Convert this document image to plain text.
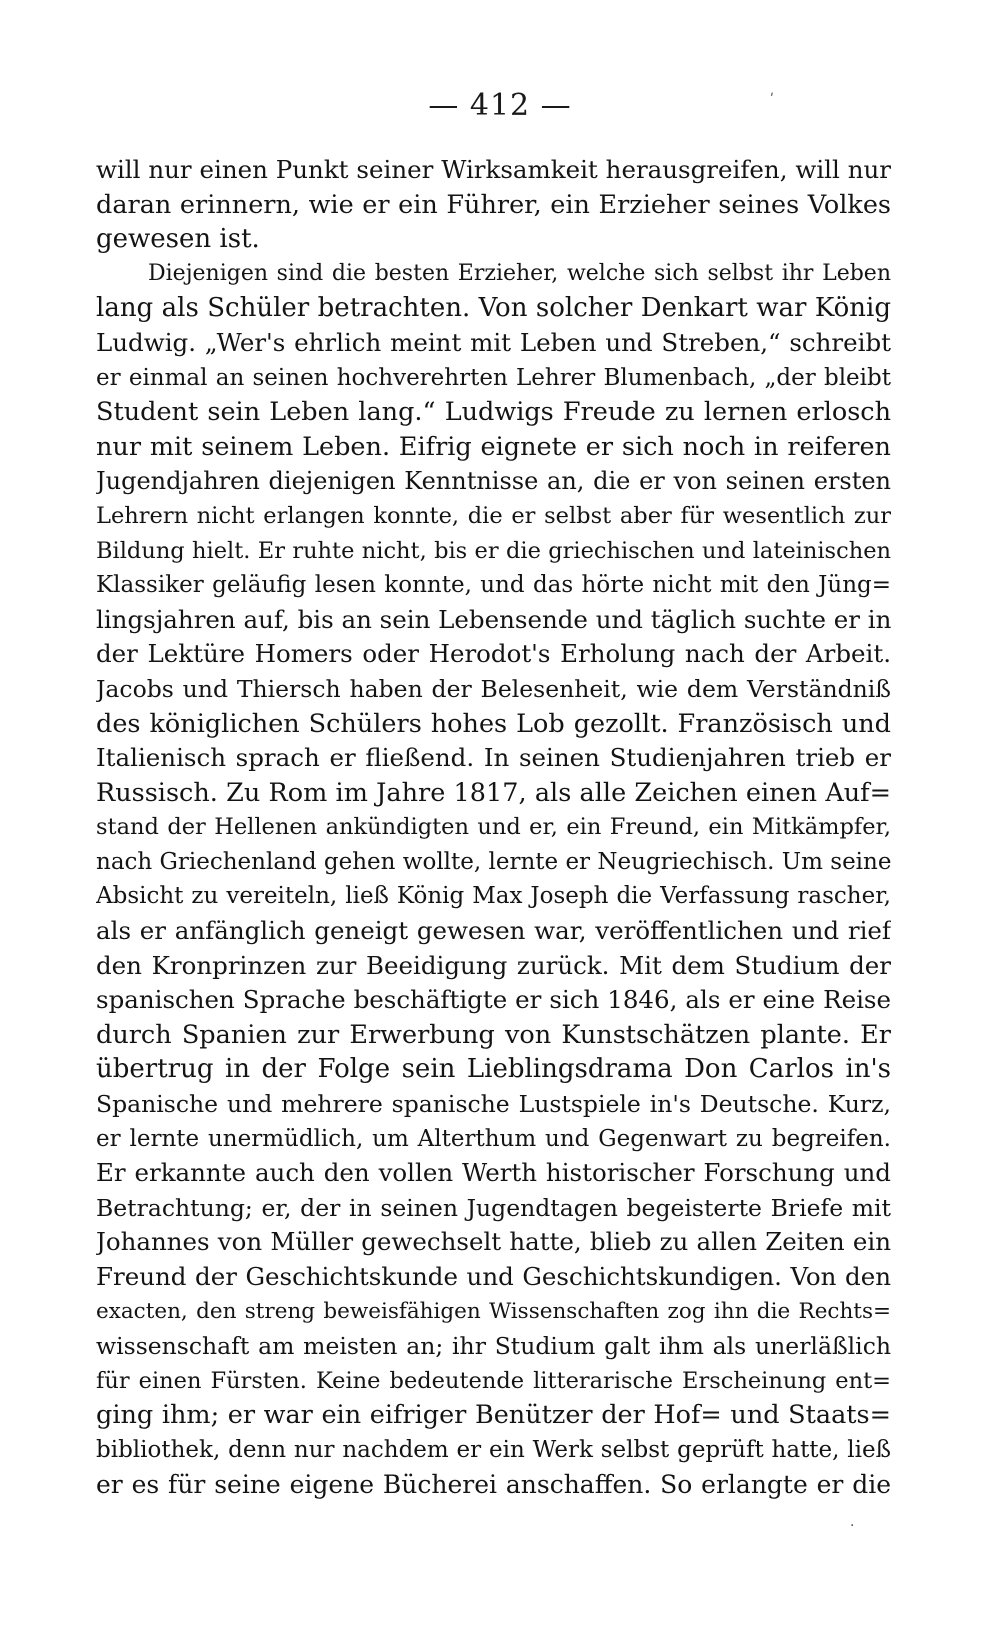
— 412 —
will nur einen Punkt seiner Wirksamkeit herausgreifen, will nur
daran erinnern, wie er ein Führer, ein Erzieher seines Volkes
gewesen ist.
Diejenigen sind die besten Erzieher, welche sich selbst ihr Leben
lang als Schüler betrachten. Von solcher Denkart war König
Ludwig. „Wer's ehrlich meint mit Leben und Streben,“ schreibt
er einmal an seinen hochverehrten Lehrer Blumenbach, „der bleibt
Student sein Leben lang.“ Ludwigs Freude zu lernen erlosch
nur mit seinem Leben. Eifrig eignete er sich noch in reiferen
Jugendjahren diejenigen Kenntnisse an, die er von seinen ersten
Lehrern nicht erlangen konnte, die er selbst aber für wesentlich zur
Bildung hielt. Er ruhte nicht, bis er die griechischen und lateinischen
Klassiker geläufig lesen konnte, und das hörte nicht mit den Jüng=
lingsjahren auf, bis an sein Lebensende und täglich suchte er in
der Lektüre Homers oder Herodot's Erholung nach der Arbeit.
Jacobs und Thiersch haben der Belesenheit, wie dem Verständniß
des königlichen Schülers hohes Lob gezollt. Französisch und
Italienisch sprach er fließend. In seinen Studienjahren trieb er
Russisch. Zu Rom im Jahre 1817, als alle Zeichen einen Auf=
stand der Hellenen ankündigten und er, ein Freund, ein Mitkämpfer,
nach Griechenland gehen wollte, lernte er Neugriechisch. Um seine
Absicht zu vereiteln, ließ König Max Joseph die Verfassung rascher,
als er anfänglich geneigt gewesen war, veröffentlichen und rief
den Kronprinzen zur Beeidigung zurück. Mit dem Studium der
spanischen Sprache beschäftigte er sich 1846, als er eine Reise
durch Spanien zur Erwerbung von Kunstschätzen plante. Er
übertrug in der Folge sein Lieblingsdrama Don Carlos in's
Spanische und mehrere spanische Lustspiele in's Deutsche. Kurz,
er lernte unermüdlich, um Alterthum und Gegenwart zu begreifen.
Er erkannte auch den vollen Werth historischer Forschung und
Betrachtung; er, der in seinen Jugendtagen begeisterte Briefe mit
Johannes von Müller gewechselt hatte, blieb zu allen Zeiten ein
Freund der Geschichtskunde und Geschichtskundigen. Von den
exacten, den streng beweisfähigen Wissenschaften zog ihn die Rechts=
wissenschaft am meisten an; ihr Studium galt ihm als unerläßlich
für einen Fürsten. Keine bedeutende litterarische Erscheinung ent=
ging ihm; er war ein eifriger Benützer der Hof= und Staats=
bibliothek, denn nur nachdem er ein Werk selbst geprüft hatte, ließ
er es für seine eigene Bücherei anschaffen. So erlangte er die
ʹ
·
